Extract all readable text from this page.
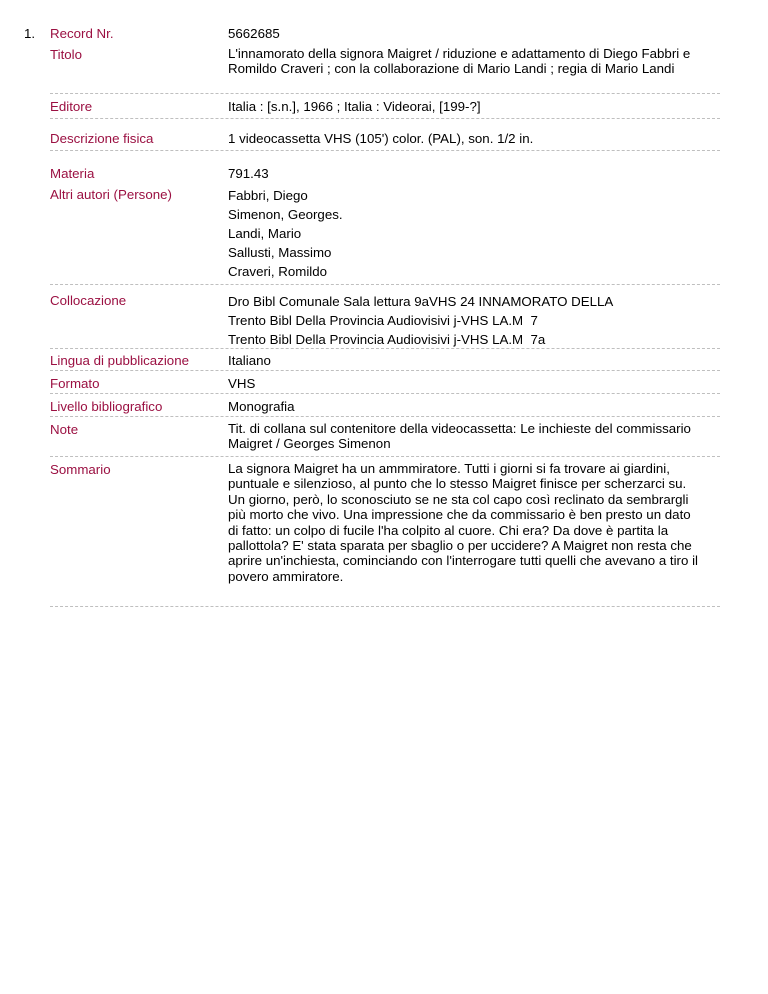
1. Record Nr.	5662685
Titolo	L'innamorato della signora Maigret / riduzione e adattamento di Diego Fabbri e Romildo Craveri ; con la collaborazione di Mario Landi ; regia di Mario Landi
Editore	Italia : [s.n.], 1966 ; Italia : Videorai, [199-?]
Descrizione fisica	1 videocassetta VHS (105') color. (PAL), son. 1/2 in.
Materia	791.43
Altri autori (Persone)	Fabbri, Diego
Simenon, Georges.
Landi, Mario
Sallusti, Massimo
Craveri, Romildo
Collocazione	Dro Bibl Comunale Sala lettura 9aVHS 24 INNAMORATO DELLA
Trento Bibl Della Provincia Audiovisivi j-VHS LA.M  7
Trento Bibl Della Provincia Audiovisivi j-VHS LA.M  7a
Lingua di pubblicazione	Italiano
Formato	VHS
Livello bibliografico	Monografia
Note	Tit. di collana sul contenitore della videocassetta: Le inchieste del commissario Maigret / Georges Simenon
Sommario	La signora Maigret ha un ammmiratore. Tutti i giorni si fa trovare ai giardini, puntuale e silenzioso, al punto che lo stesso Maigret finisce per scherzarci su. Un giorno, però, lo sconosciuto se ne sta col capo così reclinato da sembrargli più morto che vivo. Una impressione che da commissario è ben presto un dato di fatto: un colpo di fucile l'ha colpito al cuore. Chi era? Da dove è partita la pallottola? E' stata sparata per sbaglio o per uccidere? A Maigret non resta che aprire un'inchiesta, cominciando con l'interrogare tutti quelli che avevano a tiro il povero ammiratore.
